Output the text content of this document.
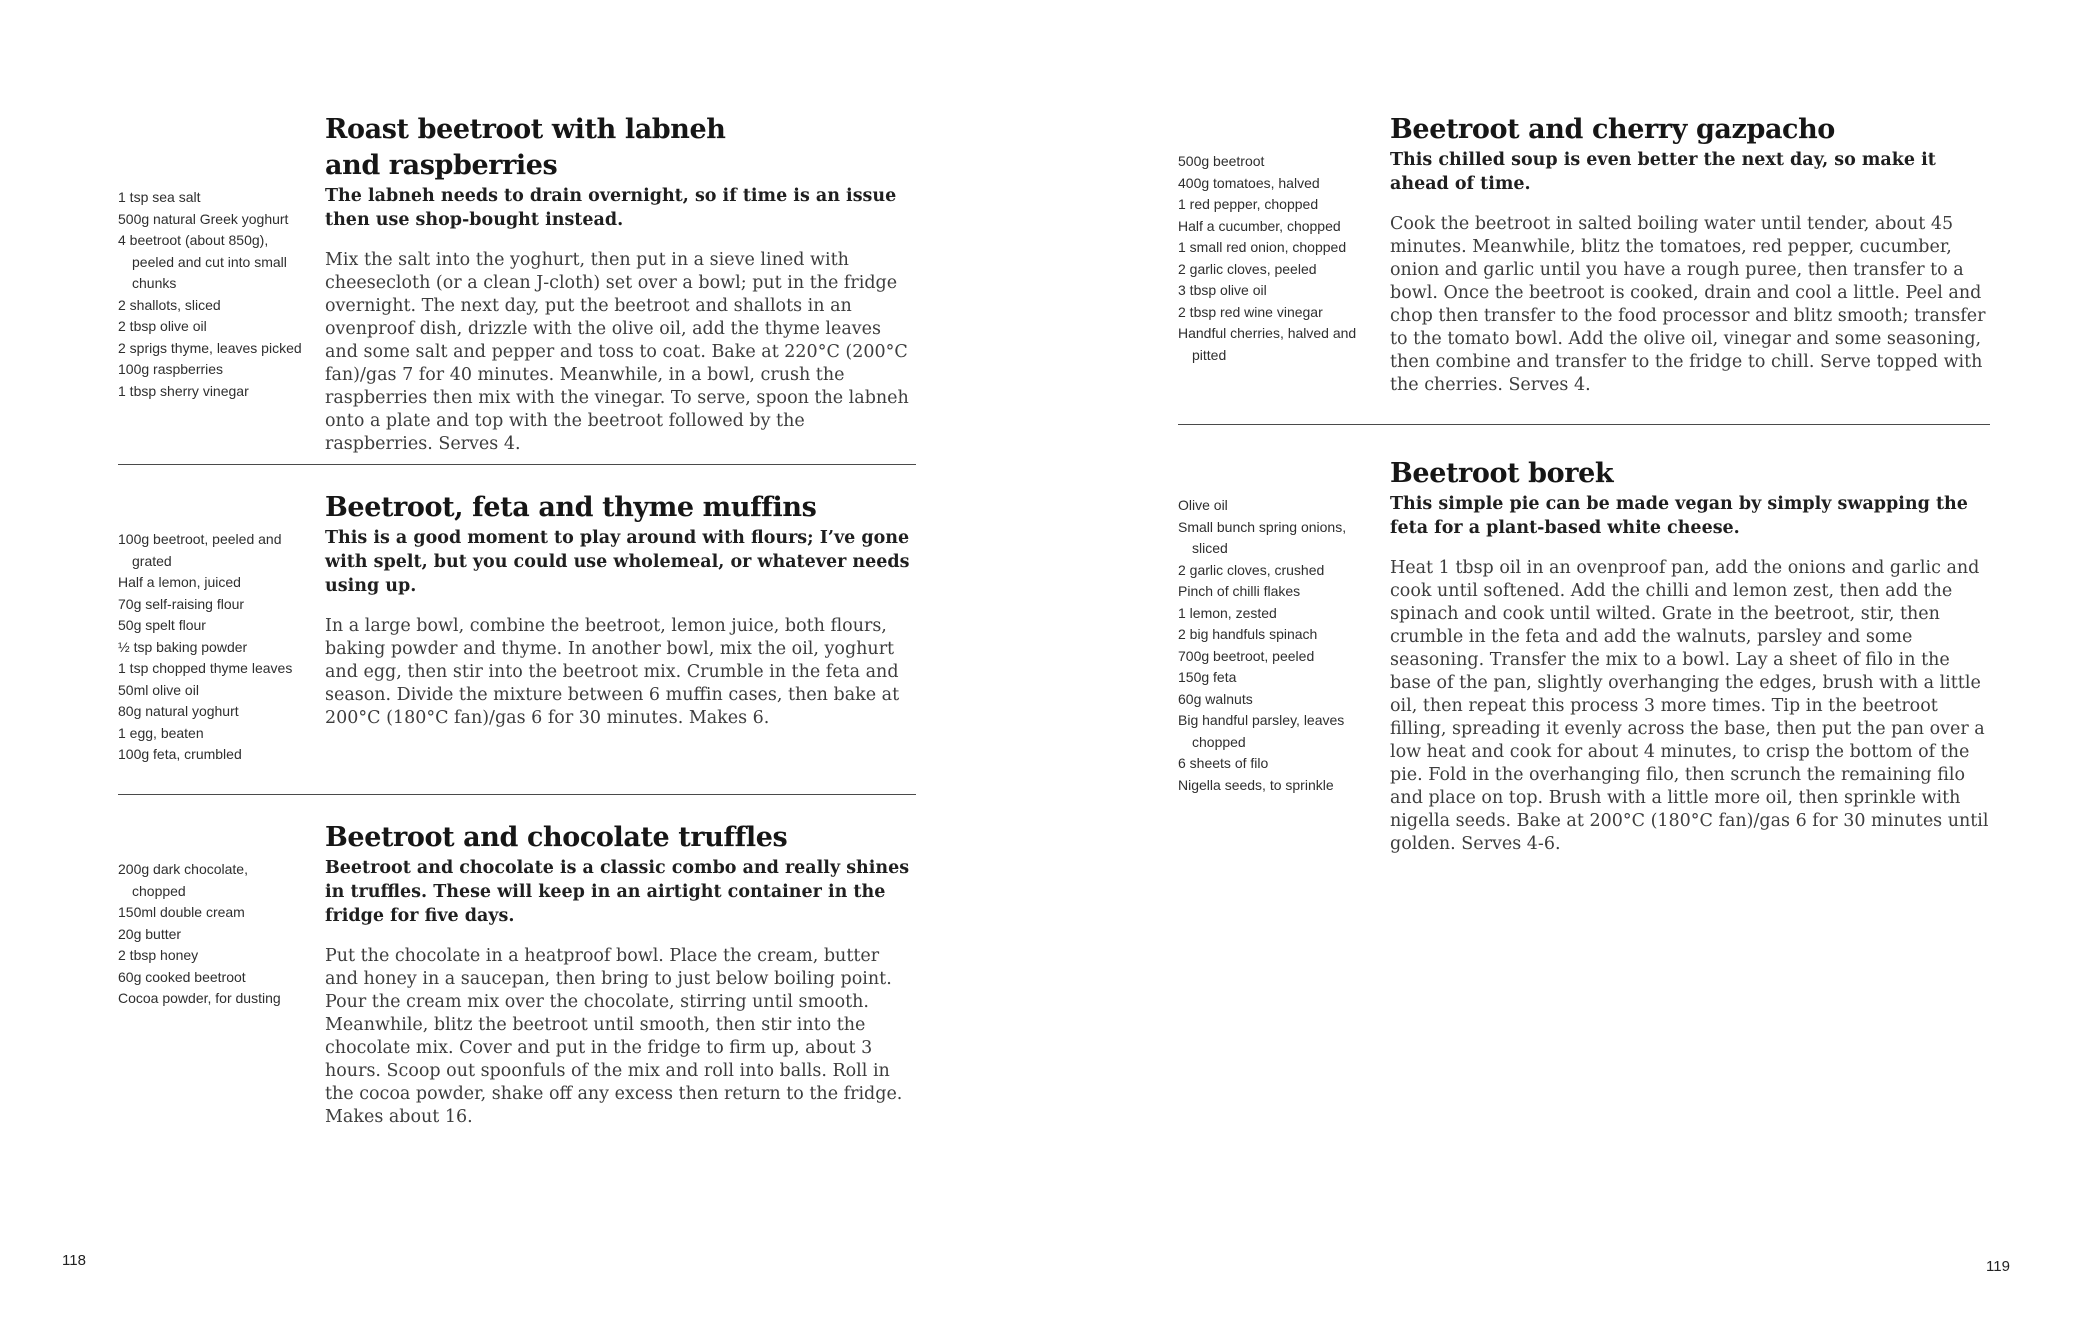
Roast beetroot with labneh and raspberries
1 tsp sea salt
500g natural Greek yoghurt
4 beetroot (about 850g), peeled and cut into small chunks
2 shallots, sliced
2 tbsp olive oil
2 sprigs thyme, leaves picked
100g raspberries
1 tbsp sherry vinegar

The labneh needs to drain overnight, so if time is an issue then use shop-bought instead.

Mix the salt into the yoghurt, then put in a sieve lined with cheesecloth (or a clean J-cloth) set over a bowl; put in the fridge overnight. The next day, put the beetroot and shallots in an ovenproof dish, drizzle with the olive oil, add the thyme leaves and some salt and pepper and toss to coat. Bake at 220°C (200°C fan)/gas 7 for 40 minutes. Meanwhile, in a bowl, crush the raspberries then mix with the vinegar. To serve, spoon the labneh onto a plate and top with the beetroot followed by the raspberries. Serves 4.

Beetroot, feta and thyme muffins
100g beetroot, peeled and grated
Half a lemon, juiced
70g self-raising flour
50g spelt flour
½ tsp baking powder
1 tsp chopped thyme leaves
50ml olive oil
80g natural yoghurt
1 egg, beaten
100g feta, crumbled

This is a good moment to play around with flours; I’ve gone with spelt, but you could use wholemeal, or whatever needs using up.

In a large bowl, combine the beetroot, lemon juice, both flours, baking powder and thyme. In another bowl, mix the oil, yoghurt and egg, then stir into the beetroot mix. Crumble in the feta and season. Divide the mixture between 6 muffin cases, then bake at 200°C (180°C fan)/gas 6 for 30 minutes. Makes 6.

Beetroot and chocolate truffles
200g dark chocolate, chopped
150ml double cream
20g butter
2 tbsp honey
60g cooked beetroot
Cocoa powder, for dusting

Beetroot and chocolate is a classic combo and really shines in truffles. These will keep in an airtight container in the fridge for five days.

Put the chocolate in a heatproof bowl. Place the cream, butter and honey in a saucepan, then bring to just below boiling point. Pour the cream mix over the chocolate, stirring until smooth. Meanwhile, blitz the beetroot until smooth, then stir into the chocolate mix. Cover and put in the fridge to firm up, about 3 hours. Scoop out spoonfuls of the mix and roll into balls. Roll in the cocoa powder, shake off any excess then return to the fridge. Makes about 16.

Beetroot and cherry gazpacho
500g beetroot
400g tomatoes, halved
1 red pepper, chopped
Half a cucumber, chopped
1 small red onion, chopped
2 garlic cloves, peeled
3 tbsp olive oil
2 tbsp red wine vinegar
Handful cherries, halved and pitted

This chilled soup is even better the next day, so make it ahead of time.

Cook the beetroot in salted boiling water until tender, about 45 minutes. Meanwhile, blitz the tomatoes, red pepper, cucumber, onion and garlic until you have a rough puree, then transfer to a bowl. Once the beetroot is cooked, drain and cool a little. Peel and chop then transfer to the food processor and blitz smooth; transfer to the tomato bowl. Add the olive oil, vinegar and some seasoning, then combine and transfer to the fridge to chill. Serve topped with the cherries. Serves 4.

Beetroot borek
Olive oil
Small bunch spring onions, sliced
2 garlic cloves, crushed
Pinch of chilli flakes
1 lemon, zested
2 big handfuls spinach
700g beetroot, peeled
150g feta
60g walnuts
Big handful parsley, leaves chopped
6 sheets of filo
Nigella seeds, to sprinkle

This simple pie can be made vegan by simply swapping the feta for a plant-based white cheese.

Heat 1 tbsp oil in an ovenproof pan, add the onions and garlic and cook until softened. Add the chilli and lemon zest, then add the spinach and cook until wilted. Grate in the beetroot, stir, then crumble in the feta and add the walnuts, parsley and some seasoning. Transfer the mix to a bowl. Lay a sheet of filo in the base of the pan, slightly overhanging the edges, brush with a little oil, then repeat this process 3 more times. Tip in the beetroot filling, spreading it evenly across the base, then put the pan over a low heat and cook for about 4 minutes, to crisp the bottom of the pie. Fold in the overhanging filo, then scrunch the remaining filo and place on top. Brush with a little more oil, then sprinkle with nigella seeds. Bake at 200°C (180°C fan)/gas 6 for 30 minutes until golden. Serves 4-6.

118	119
